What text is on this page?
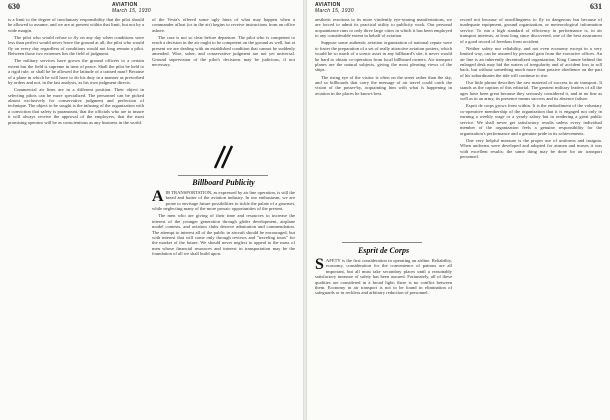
630	AVIATION
March 15, 1930

is a limit to the degree of involuntary responsibility that the pilot should be allowed to assume, and we are at present within that limit, but not by a wide margin.

The pilot who would refuse to fly on any day when conditions were less than perfect would never leave the ground at all; the pilot who would fly on every day regardless of conditions would not long remain a pilot. Between those two extremes lies the field of judgment.

The military services have grown the ground officers to a certain extent but the field is supreme in time of peace. Shall the pilot be held to a rigid rule, or shall he be allowed the latitude of a trained man? Because of a plane in which he will have to do his duty in a manner as prescribed by orders and not, in the last analysis, as his own judgment directs.

Commercial air lines are in a different position. Their object in selecting pilots can be more specialized. The personnel can be picked almost exclusively for conservative judgment and perfection of technique. The object to be sought is the infusing of the organization with a conviction that safety is paramount, that the officials who are to insure it will always receive the approval of the employers, that the most promising operator will be as conscientious as any business in the world.

of the Vesta's offered some ugly hints of what may happen when a commander afloat (or in the air) begins to receive instructions from an office ashore.

The case is not so clear before departure. The pilot who is competent to reach a decision in the air ought to be competent on the ground as well, but at present we are dealing with an established condition that cannot be suddenly amended. Wise, sober, and conservative judgment are not yet universal. Ground supervision of the pilot's decisions may be judicious, if not necessary.

Billboard Publicity

AIR TRANSPORTATION, as expressed by air line operation, is still the bread and butter of the aviation industry. In our enthusiasm, we are prone to envisage future possibilities to tickle the palate of a gourmet, while neglecting many of the more prosaic opportunities of the present.

The men who are giving of their time and resources to increase the interest of the younger generation through glider development, airplane model contests, and aviation clubs deserve admiration and commendation. The attempt to interest all of the public in aircraft should be encouraged, but with interest that will come only through reviews and "traveling tours" for the market of the future. We should never neglect to appeal to the mass of men whose financial resources and interest in transportation may be the foundation of all we shall build upon.

631
AVIATION
March 15, 1930

aesthetic reactions to its more virulently eye-searing manifestations, we are forced to admit its practical utility to publicity work. Our personal acquaintance runs to only three large cities in which it has been employed to any considerable extent in behalf of aviation.

Suppose some authentic aviation organization of national repute were to foster the preparation of a set of really attractive aviation posters, which would be so much of a scenic asset in any billboard's site, it never would be hard to obtain co-operation from local billboard owners. Air transport planes are the natural subjects, giving the most pleasing views of the ships.

The rising eye of the visitor is often on the street rather than the sky, and so billboards that carry the message of air travel could catch the vision of the passer-by, acquainting him with what is happening in aviation in the places he knows best.

Esprit de Corps

SAFETY is the first consideration in operating an airline. Reliability, economy, consideration for the convenience of patrons are all important, but all must take secondary places until a reasonably satisfactory measure of safety has been assured. Fortunately, all of these qualities are considered in a broad light; there is no conflict between them. Economy in air transport is not to be found in elimination of safeguards or in reckless and arbitrary reduction of personnel.

record not because of unwillingness to fly in dangerous but because of inadequate equipment, ground organization, or meteorological information service. To run a high standard of efficiency in performance is, in air transport interests, at least long since discovered, one of the best assurances of a good record of freedom from accident.

Neither safety nor reliability, and not even economy except in a very limited way, can be assured by personal gain from the executive offices. An air line is an inherently decentralized organization. King Canute behind the enlarged desk may bid the waters of irregularity and of accident loss to roll back, but without something much more than passive obedience on the part of his subordinates the tide will continue to rise.

Our little phrase describes the raw material of success in air transport. It stands as the caption of this editorial. The greatest military leaders of all the ages have been great because they seriously considered it, and in no line as well as in an army, its presence means success and its absence failure.

Esprit de corps grows from within. It is the embodiment of the voluntary co-operative membership of the organization that it is engaged not only in earning a weekly wage or a yearly salary but in rendering a great public service. We shall never get satisfactory results unless every individual member of the organization feels a genuine responsibility for the organization's performance and a genuine pride in its achievements.

One very helpful measure is the proper use of uniforms and insignia. When uniforms were developed and adopted for airmen and nurses it was with excellent results; the same thing may be done for air transport personnel.
